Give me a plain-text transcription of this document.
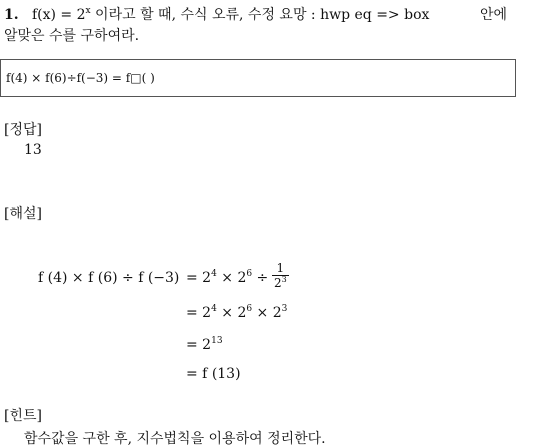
1. $f(x) = 2^x$ 이라고 할 때, 수식 오류, 수정 요망 : hwp eq => box	안에
알맞은 수를 구하여라.
f(4) × f(6)÷f(−3) = f□( )
[정답]
13
[해설]
f (4) × f (6) ÷ f $(-3) = 2^4 \times 2^6 \div \frac{1}{2^3}$
= $2^4 \times 2^6 \times 2^3$
= $2^{13}$
= f (13)
[힌트]
함수값을 구한 후, 지수법칙을 이용하여 정리한다.
